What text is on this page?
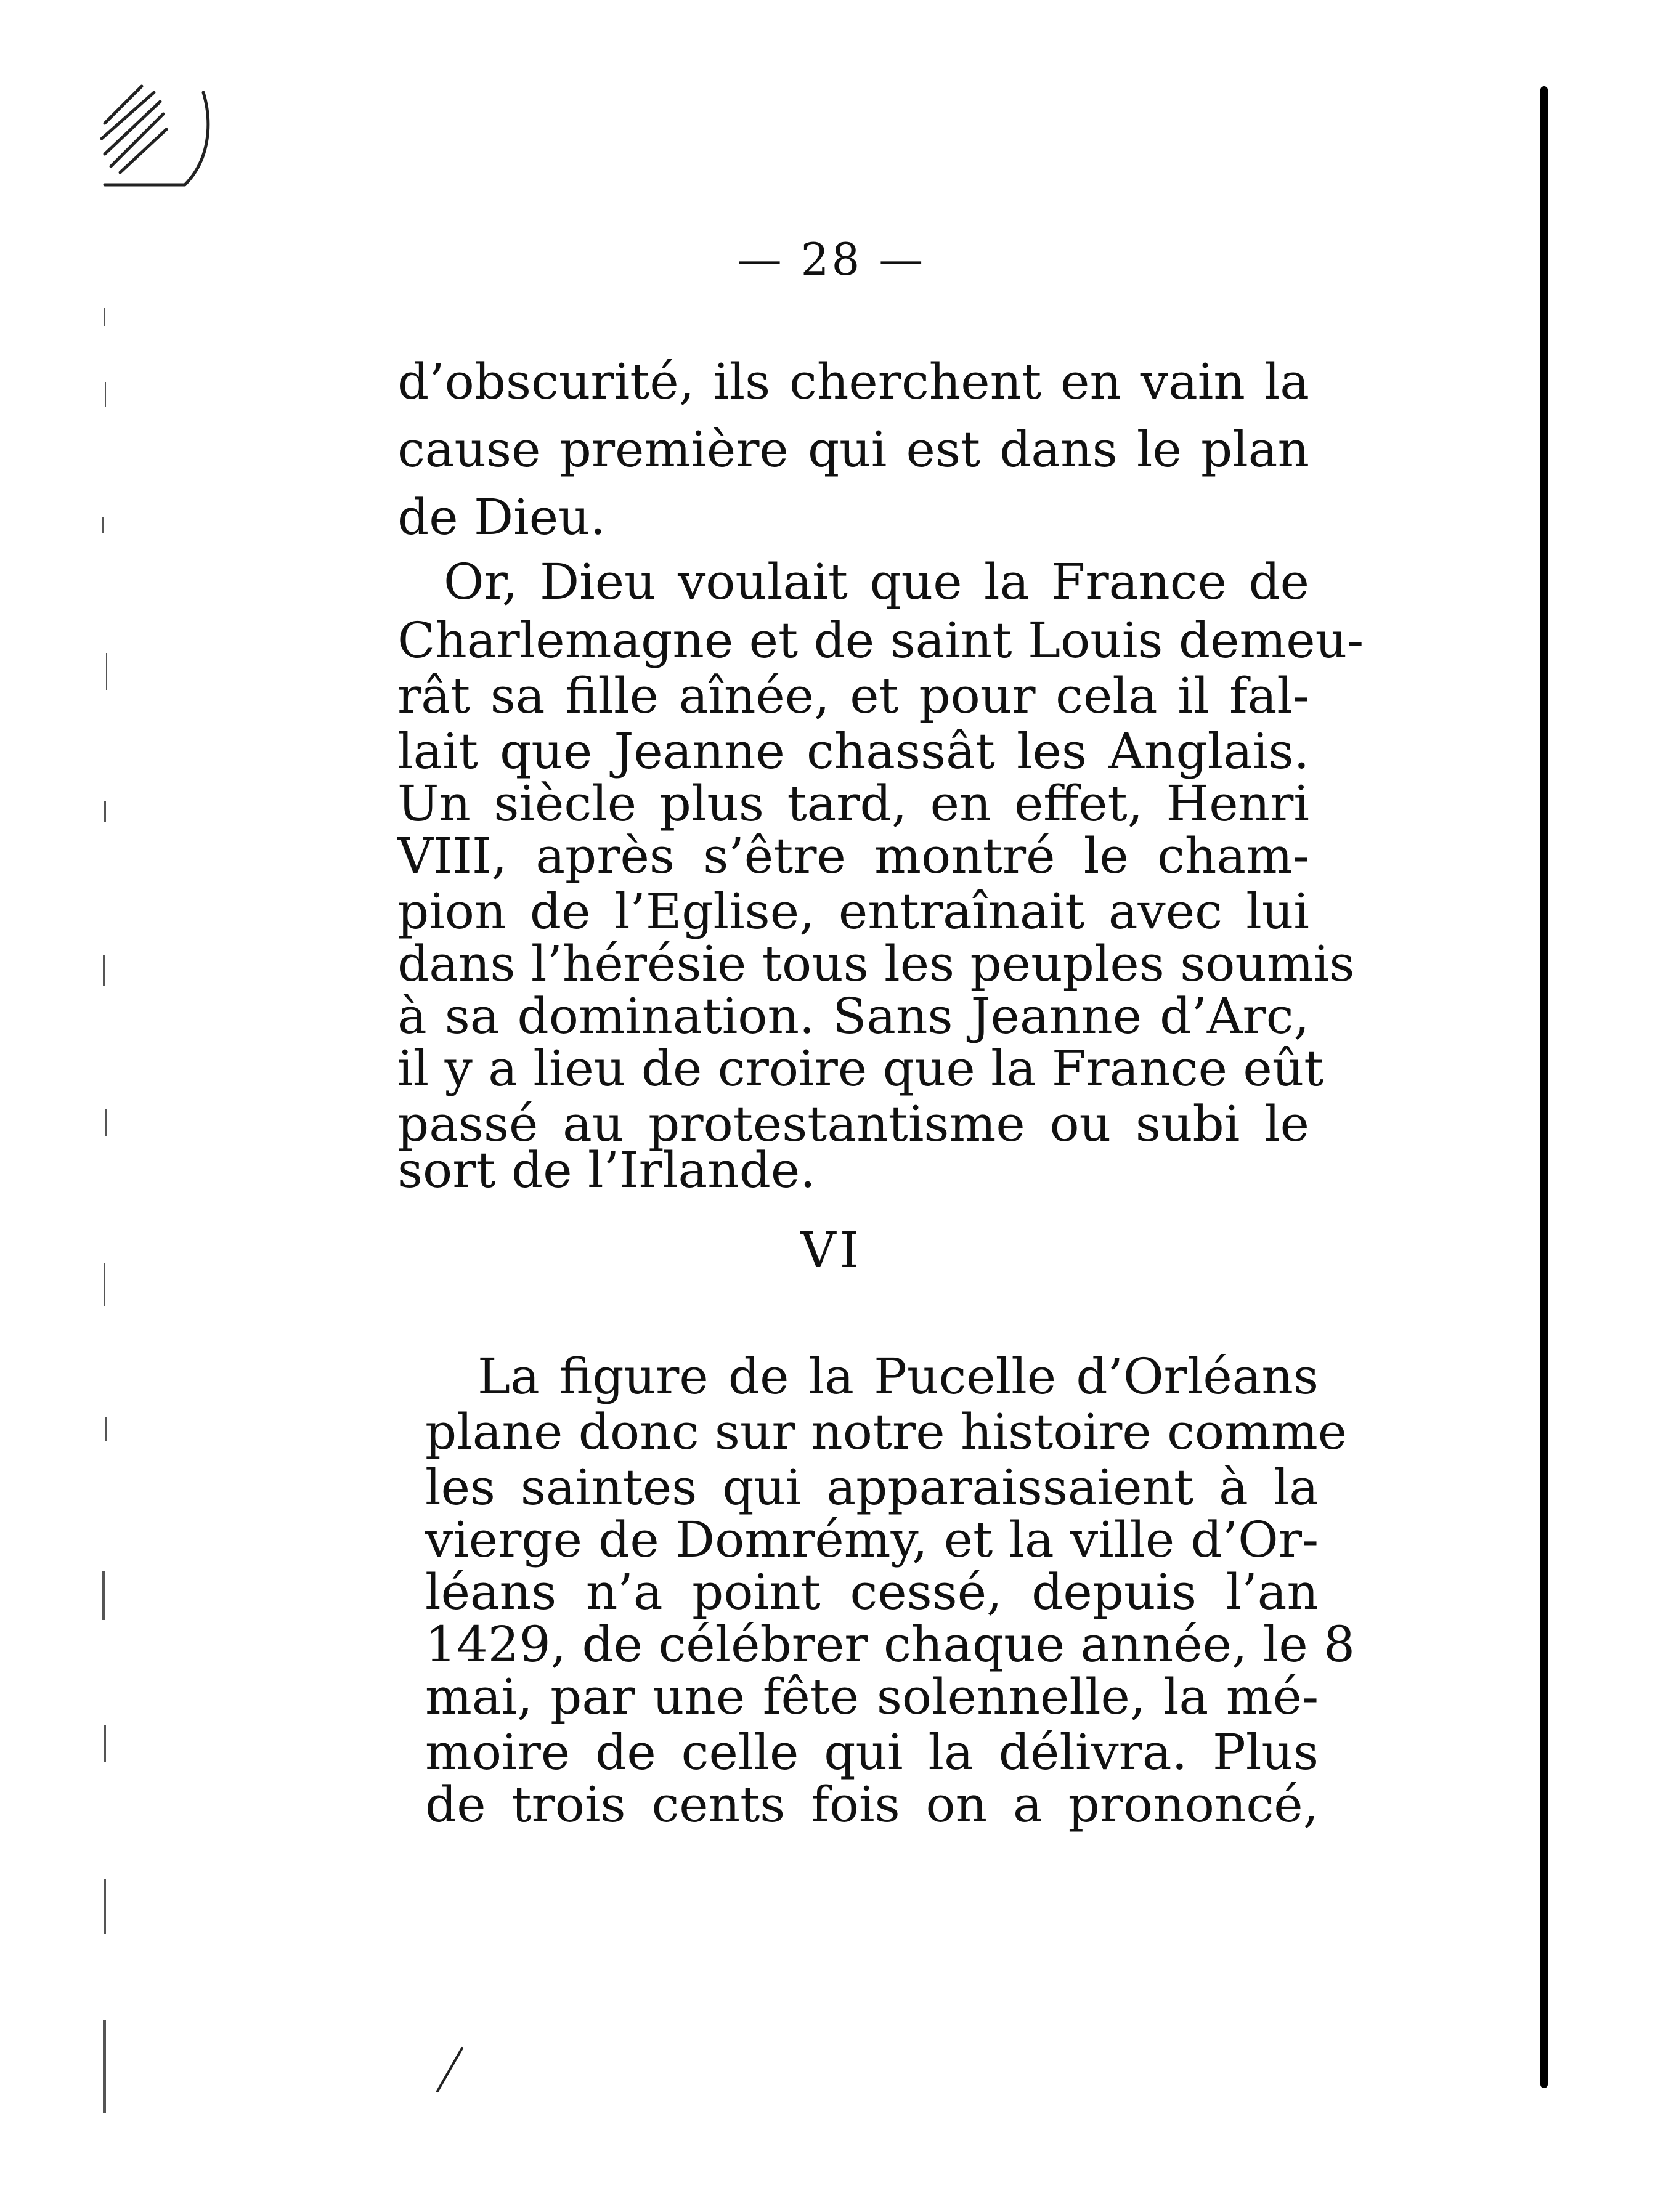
— 28 —
d’obscurité, ils cherchent en vain la
cause première qui est dans le plan
de Dieu.
Or, Dieu voulait que la France de
Charlemagne et de saint Louis demeu-
rât sa fille aînée, et pour cela il fal-
lait que Jeanne chassât les Anglais.
Un siècle plus tard, en effet, Henri
VIII, après s’être montré le cham-
pion de l’Eglise, entraînait avec lui
dans l’hérésie tous les peuples soumis
à sa domination. Sans Jeanne d’Arc,
il y a lieu de croire que la France eût
passé au protestantisme ou subi le
sort de l’Irlande.
VI
La figure de la Pucelle d’Orléans
plane donc sur notre histoire comme
les saintes qui apparaissaient à la
vierge de Domrémy, et la ville d’Or-
léans n’a point cessé, depuis l’an
1429, de célébrer chaque année, le 8
mai, par une fête solennelle, la mé-
moire de celle qui la délivra. Plus
de trois cents fois on a prononcé,
